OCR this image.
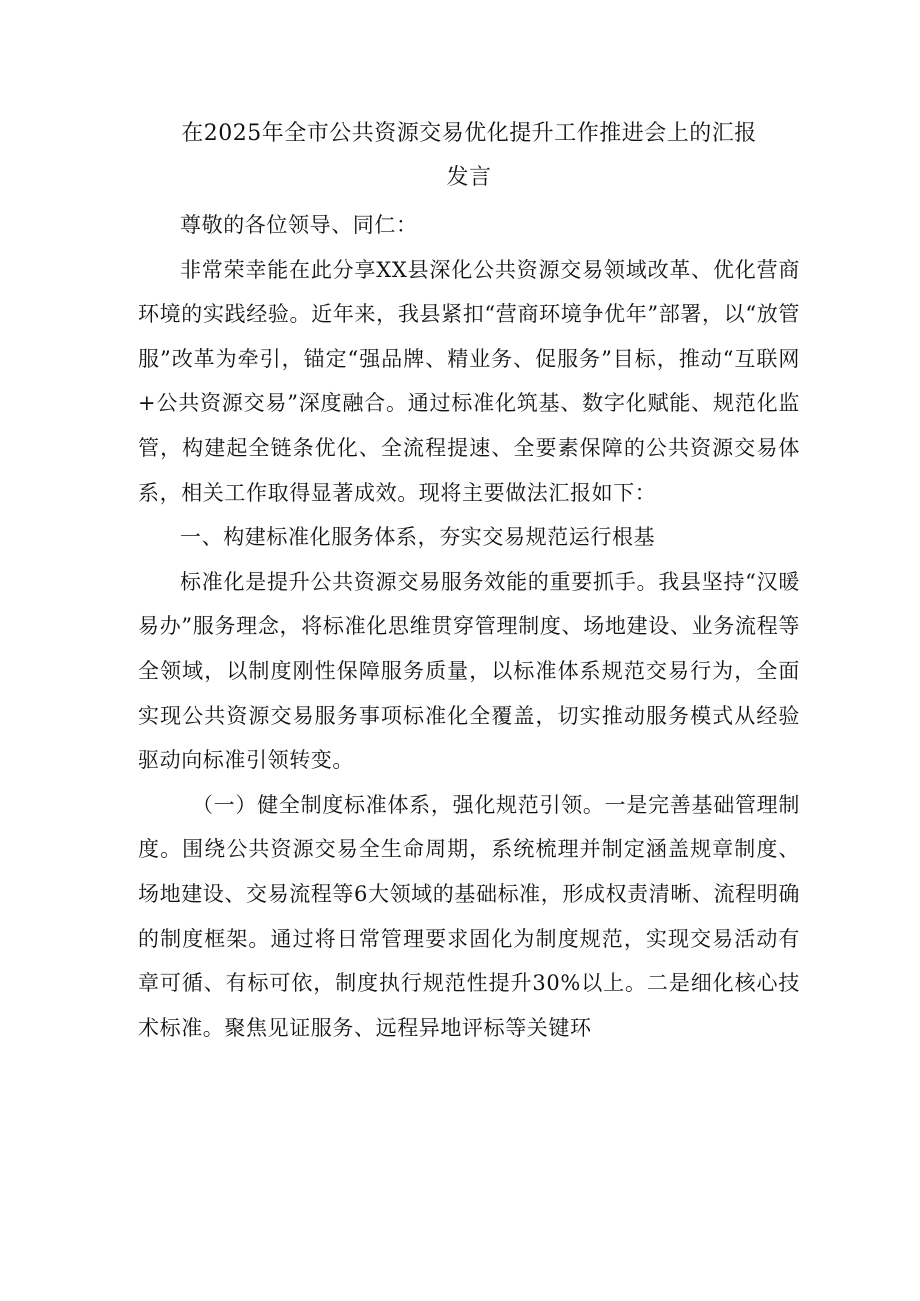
在2025年全市公共资源交易优化提升工作推进会上的汇报
发言

尊敬的各位领导、同仁：

非常荣幸能在此分享XX县深化公共资源交易领域改革、优化营商环境的实践经验。近年来，我县紧扣“营商环境争优年”部署，以“放管服”改革为牵引，锚定“强品牌、精业务、促服务”目标，推动“互联网+公共资源交易”深度融合。通过标准化筑基、数字化赋能、规范化监管，构建起全链条优化、全流程提速、全要素保障的公共资源交易体系，相关工作取得显著成效。现将主要做法汇报如下：

一、构建标准化服务体系，夯实交易规范运行根基

标准化是提升公共资源交易服务效能的重要抓手。我县坚持“汉暖易办”服务理念，将标准化思维贯穿管理制度、场地建设、业务流程等全领域，以制度刚性保障服务质量，以标准体系规范交易行为，全面实现公共资源交易服务事项标准化全覆盖，切实推动服务模式从经验驱动向标准引领转变。

（一）健全制度标准体系，强化规范引领。一是完善基础管理制度。围绕公共资源交易全生命周期，系统梳理并制定涵盖规章制度、场地建设、交易流程等6大领域的基础标准，形成权责清晰、流程明确的制度框架。通过将日常管理要求固化为制度规范，实现交易活动有章可循、有标可依，制度执行规范性提升30%以上。二是细化核心技术标准。聚焦见证服务、远程异地评标等关键环
